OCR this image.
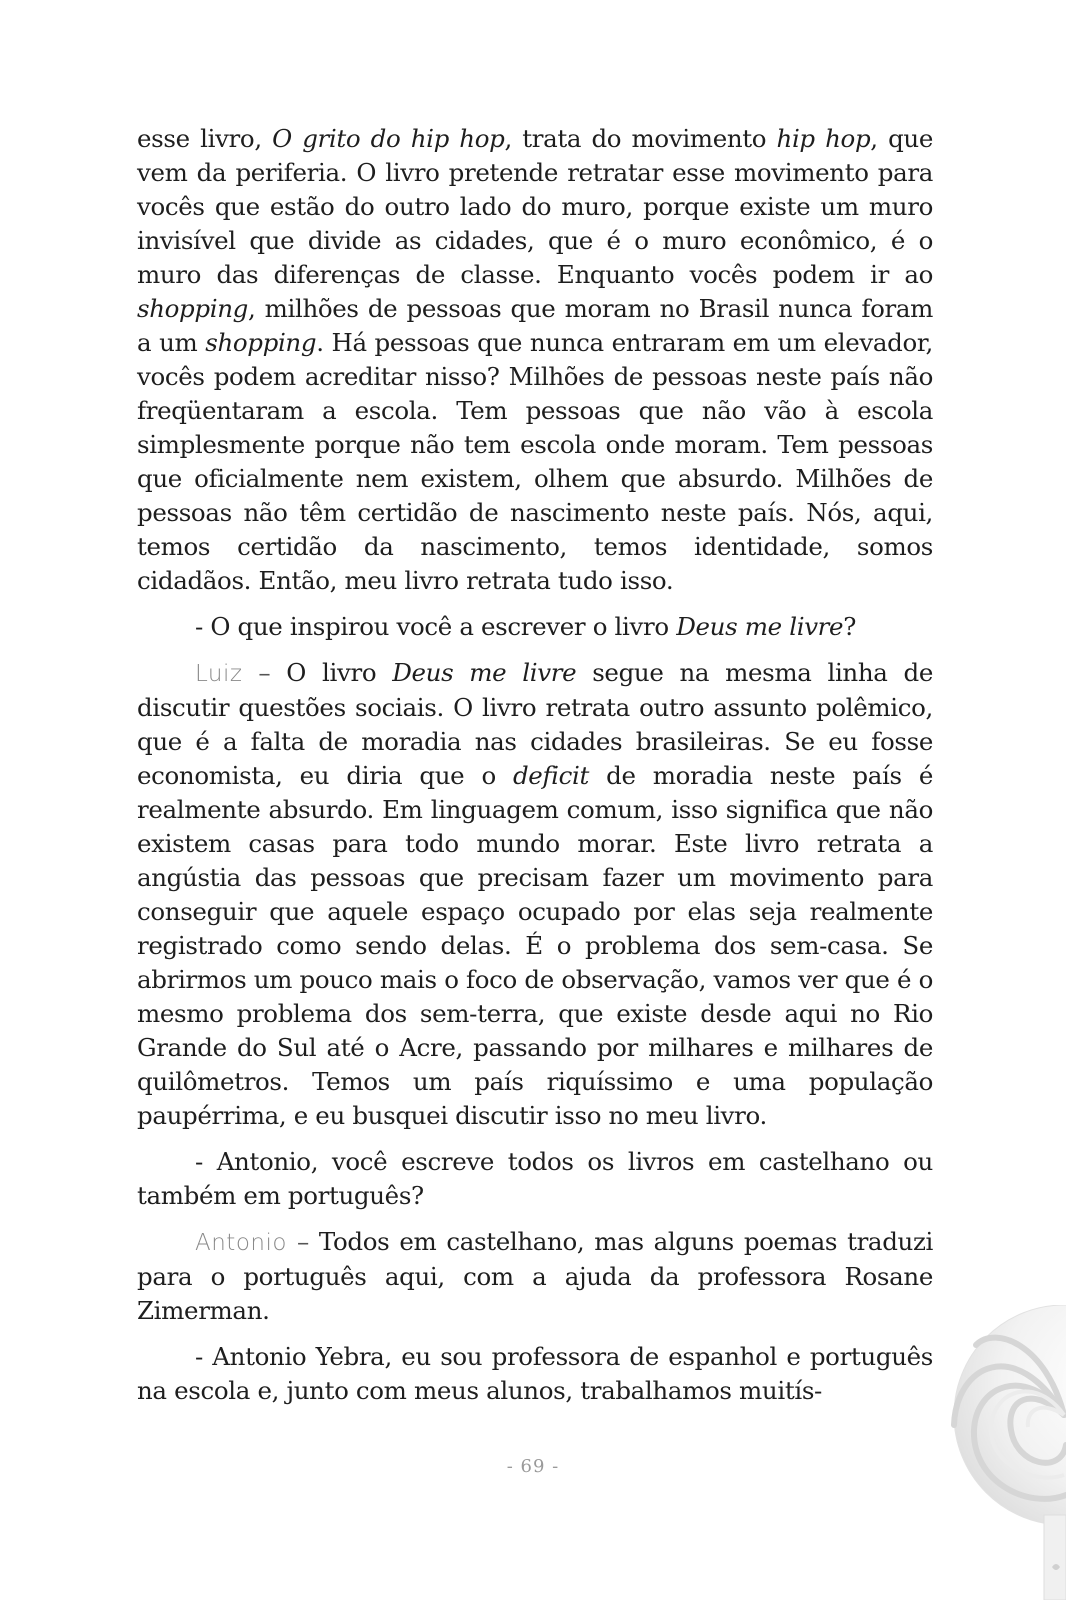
esse livro, O grito do hip hop, trata do movimento hip hop, que vem da periferia. O livro pretende retratar esse movimento para vocês que estão do outro lado do muro, porque existe um muro invisível que divide as cidades, que é o muro econômico, é o muro das diferenças de classe. Enquanto vocês podem ir ao shopping, milhões de pessoas que moram no Brasil nunca foram a um shopping. Há pessoas que nunca entraram em um elevador, vocês podem acreditar nisso? Milhões de pessoas neste país não freqüentaram a escola. Tem pessoas que não vão à escola simplesmente porque não tem escola onde moram. Tem pessoas que oficialmente nem existem, olhem que absurdo. Milhões de pessoas não têm certidão de nascimento neste país. Nós, aqui, temos certidão da nascimento, temos identidade, somos cidadãos. Então, meu livro retrata tudo isso.

- O que inspirou você a escrever o livro Deus me livre?

Luiz – O livro Deus me livre segue na mesma linha de discutir questões sociais. O livro retrata outro assunto polêmico, que é a falta de moradia nas cidades brasileiras. Se eu fosse economista, eu diria que o deficit de moradia neste país é realmente absurdo. Em linguagem comum, isso significa que não existem casas para todo mundo morar. Este livro retrata a angústia das pessoas que precisam fazer um movimento para conseguir que aquele espaço ocupado por elas seja realmente registrado como sendo delas. É o problema dos sem-casa. Se abrirmos um pouco mais o foco de observação, vamos ver que é o mesmo problema dos sem-terra, que existe desde aqui no Rio Grande do Sul até o Acre, passando por milhares e milhares de quilômetros. Temos um país riquíssimo e uma população paupérrima, e eu busquei discutir isso no meu livro.

- Antonio, você escreve todos os livros em castelhano ou também em português?

Antonio – Todos em castelhano, mas alguns poemas traduzi para o português aqui, com a ajuda da professora Rosane Zimerman.

- Antonio Yebra, eu sou professora de espanhol e português na escola e, junto com meus alunos, trabalhamos muitís-

- 69 -
